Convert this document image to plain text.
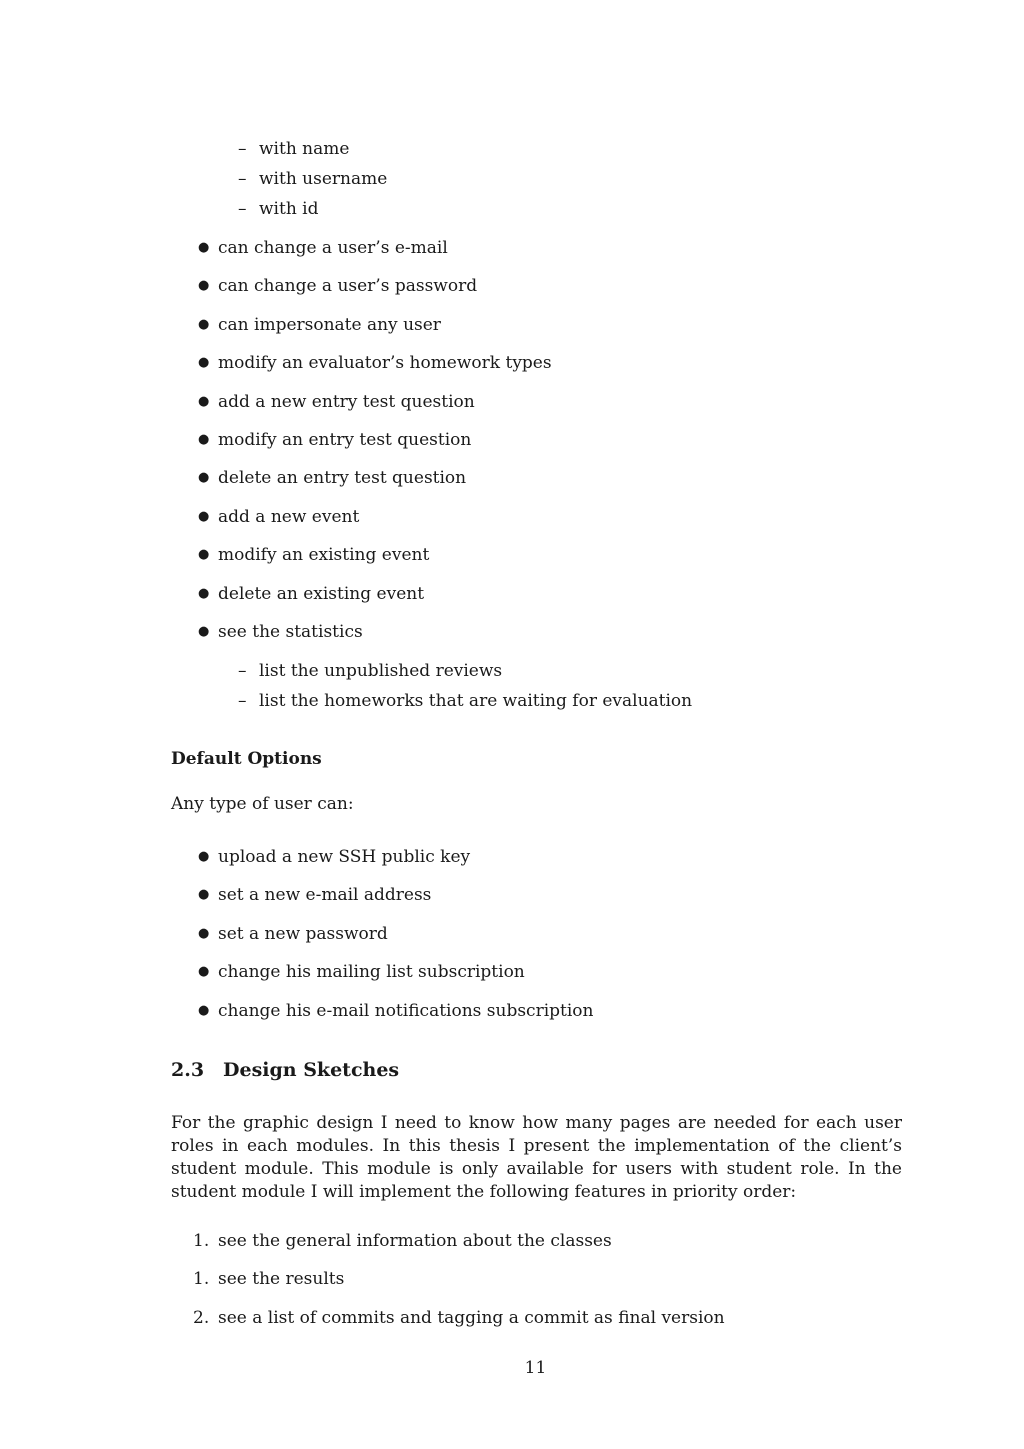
– with name
– with username
– with id
● can change a user’s e-mail
● can change a user’s password
● can impersonate any user
● modify an evaluator’s homework types
● add a new entry test question
● modify an entry test question
● delete an entry test question
● add a new event
● modify an existing event
● delete an existing event
● see the statistics
– list the unpublished reviews
– list the homeworks that are waiting for evaluation
Default Options
Any type of user can:
● upload a new SSH public key
● set a new e-mail address
● set a new password
● change his mailing list subscription
● change his e-mail notifications subscription
2.3 Design Sketches
For the graphic design I need to know how many pages are needed for each user roles in each modules. In this thesis I present the implementation of the client’s student module. This module is only available for users with student role. In the student module I will implement the following features in priority order:
1. see the general information about the classes
1. see the results
2. see a list of commits and tagging a commit as final version
11
